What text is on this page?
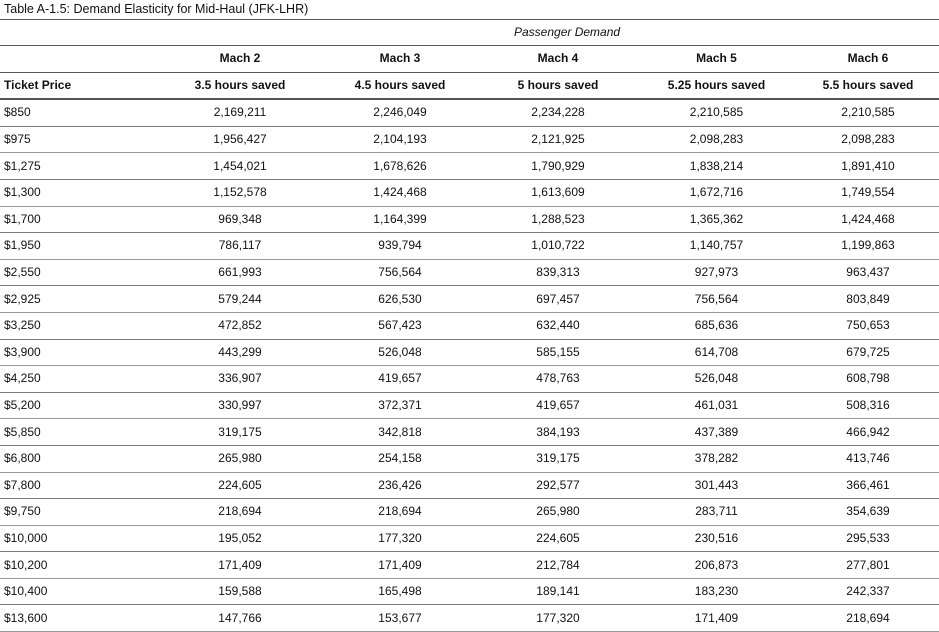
Table A-1.5: Demand Elasticity for Mid-Haul (JFK-LHR)

			Passenger Demand		
	Mach 2	Mach 3	Mach 4	Mach 5	Mach 6
Ticket Price	3.5 hours saved	4.5 hours saved	5 hours saved	5.25 hours saved	5.5 hours saved
$850	2,169,211	2,246,049	2,234,228	2,210,585	2,210,585
$975	1,956,427	2,104,193	2,121,925	2,098,283	2,098,283
$1,275	1,454,021	1,678,626	1,790,929	1,838,214	1,891,410
$1,300	1,152,578	1,424,468	1,613,609	1,672,716	1,749,554
$1,700	969,348	1,164,399	1,288,523	1,365,362	1,424,468
$1,950	786,117	939,794	1,010,722	1,140,757	1,199,863
$2,550	661,993	756,564	839,313	927,973	963,437
$2,925	579,244	626,530	697,457	756,564	803,849
$3,250	472,852	567,423	632,440	685,636	750,653
$3,900	443,299	526,048	585,155	614,708	679,725
$4,250	336,907	419,657	478,763	526,048	608,798
$5,200	330,997	372,371	419,657	461,031	508,316
$5,850	319,175	342,818	384,193	437,389	466,942
$6,800	265,980	254,158	319,175	378,282	413,746
$7,800	224,605	236,426	292,577	301,443	366,461
$9,750	218,694	218,694	265,980	283,711	354,639
$10,000	195,052	177,320	224,605	230,516	295,533
$10,200	171,409	171,409	212,784	206,873	277,801
$10,400	159,588	165,498	189,141	183,230	242,337
$13,600	147,766	153,677	177,320	171,409	218,694
